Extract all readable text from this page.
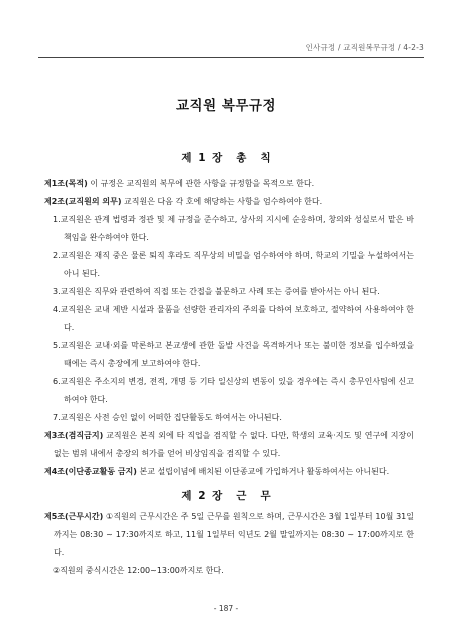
인사규정 / 교직원복무규정 / 4-2-3
교직원 복무규정
제 1 장 총 칙

제1조(목적) 이 규정은 교직원의 복무에 관한 사항을 규정함을 목적으로 한다.

제2조(교직원의 의무) 교직원은 다음 각 호에 해당하는 사항을 엄수하여야 한다.

1.교직원은 관계 법령과 정관 및 제 규정을 준수하고, 상사의 지시에 순응하며, 창의와 성실로서 맡은 바 책임을 완수하여야 한다.

2.교직원은 재직 중은 물론 퇴직 후라도 직무상의 비밀을 엄수하여야 하며, 학교의 기밀을 누설하여서는 아니 된다.

3.교직원은 직무와 관련하여 직접 또는 간접을 불문하고 사례 또는 증여를 받아서는 아니 된다.

4.교직원은 교내 제반 시설과 물품을 선량한 관리자의 주의를 다하여 보호하고, 절약하여 사용하여야 한다.

5.교직원은 교내·외를 막론하고 본교생에 관한 돌발 사건을 목격하거나 또는 불미한 정보를 입수하였을 때에는 즉시 총장에게 보고하여야 한다.

6.교직원은 주소지의 변경, 전적, 개명 등 기타 일신상의 변동이 있을 경우에는 즉시 총무인사팀에 신고하여야 한다.

7.교직원은 사전 승인 없이 어떠한 집단활동도 하여서는 아니된다.

제3조(겸직금지) 교직원은 본직 외에 타 직업을 겸직할 수 없다. 다만, 학생의 교육·지도 및 연구에 지장이 없는 범위 내에서 총장의 허가를 얻어 비상임직을 겸직할 수 있다.

제4조(이단종교활동 금지) 본교 설립이념에 배치된 이단종교에 가입하거나 활동하여서는 아니된다.

제 2 장 근 무

제5조(근무시간) ①직원의 근무시간은 주 5일 근무를 원칙으로 하며, 근무시간은 3월 1일부터 10월 31일까지는 08:30 ~ 17:30까지로 하고, 11월 1일부터 익년도 2월 말일까지는 08:30 ~ 17:00까지로 한다.

②직원의 중식시간은 12:00~13:00까지로 한다.

- 187 -
